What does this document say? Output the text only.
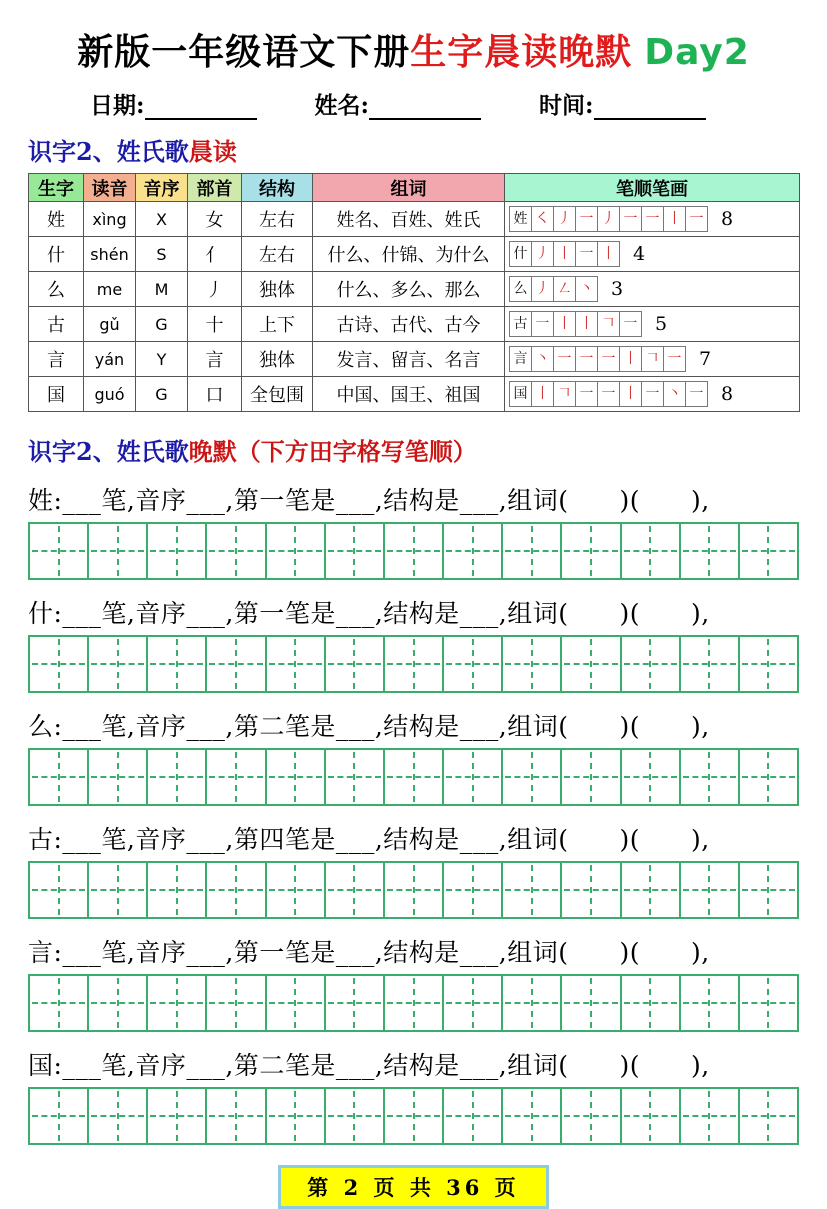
新版一年级语文下册生字晨读晚默 Day2
日期:	姓名:	时间:
识字2、姓氏歌晨读
生字	读音	音序	部首	结构	组词	笔顺笔画
姓	xìng	X	女	左右	姓名、百姓、姓氏	姓 ㇛ 丿 一 丿 一 一 丨 一 8
什	shén	S	亻	左右	什么、什锦、为什么	什 丿 丨 一 丨 4
么	me	M	丿	独体	什么、多么、那么	么 丿 ㇜ 丶 3
古	gǔ	G	十	上下	古诗、古代、古今	古 一 丨 丨 𠃍 一 5
言	yán	Y	言	独体	发言、留言、名言	言 丶 一 一 一 丨 𠃍 一 7
国	guó	G	口	全包围	中国、国王、祖国	国 丨 𠃍 一 一 丨 一 丶 一 8
识字2、姓氏歌晚默（下方田字格写笔顺）
姓:___笔,音序___,第一笔是___,结构是___,组词(　　)(　　),
什:___笔,音序___,第一笔是___,结构是___,组词(　　)(　　),
么:___笔,音序___,第二笔是___,结构是___,组词(　　)(　　),
古:___笔,音序___,第四笔是___,结构是___,组词(　　)(　　),
言:___笔,音序___,第一笔是___,结构是___,组词(　　)(　　),
国:___笔,音序___,第二笔是___,结构是___,组词(　　)(　　),
第 2 页 共 36 页
